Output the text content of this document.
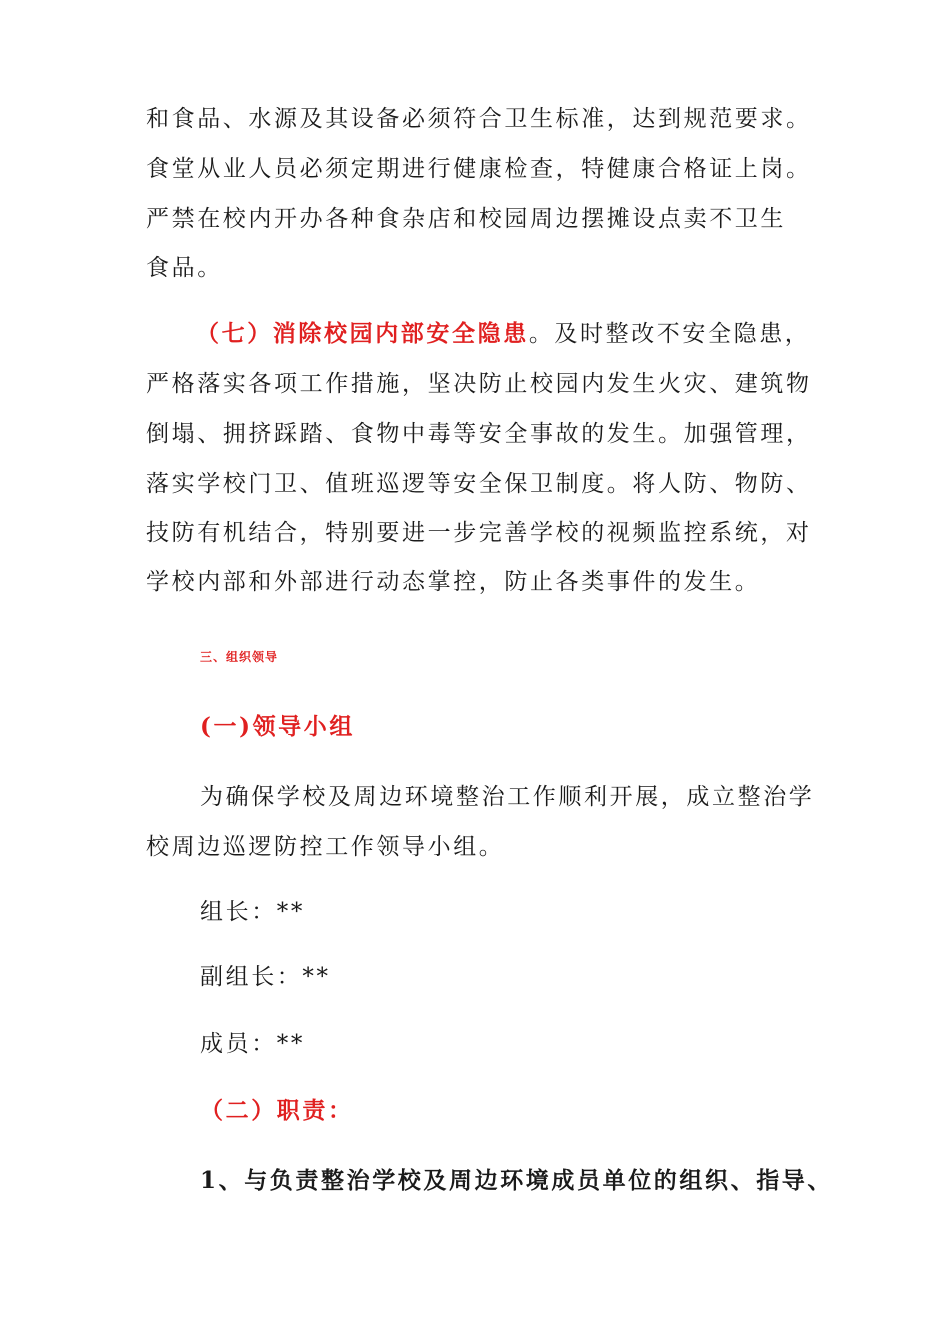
和食品、水源及其设备必须符合卫生标准，达到规范要求。
食堂从业人员必须定期进行健康检查，特健康合格证上岗。
严禁在校内开办各种食杂店和校园周边摆摊设点卖不卫生
食品。
（七）消除校园内部安全隐患。及时整改不安全隐患，
严格落实各项工作措施，坚决防止校园内发生火灾、建筑物
倒塌、拥挤踩踏、食物中毒等安全事故的发生。加强管理，
落实学校门卫、值班巡逻等安全保卫制度。将人防、物防、
技防有机结合，特别要进一步完善学校的视频监控系统，对
学校内部和外部进行动态掌控，防止各类事件的发生。
三、组织领导
(一)领导小组
为确保学校及周边环境整治工作顺利开展，成立整治学
校周边巡逻防控工作领导小组。
组长：**
副组长：**
成员：**
（二）职责：
1、与负责整治学校及周边环境成员单位的组织、指导、
